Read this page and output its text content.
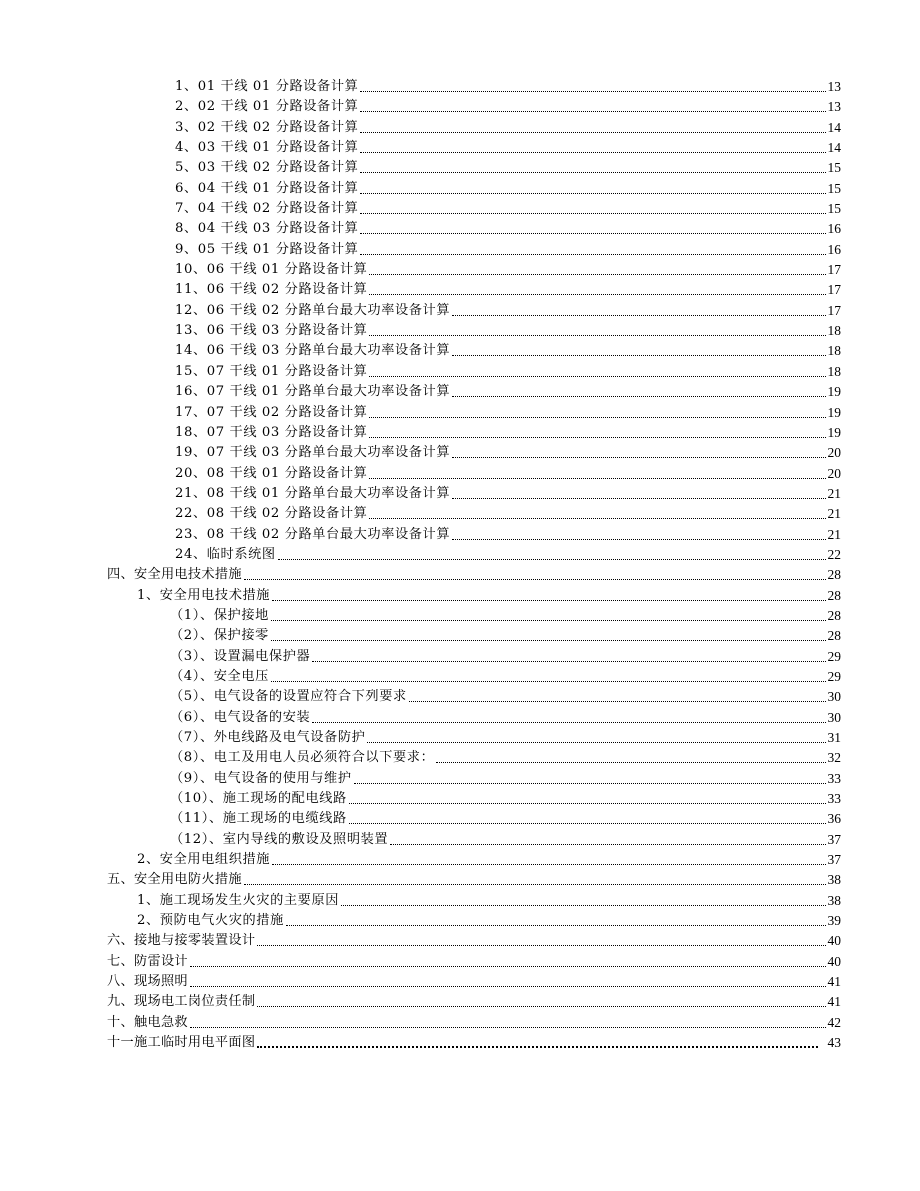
1、01 干线 01 分路设备计算	13
2、02 干线 01 分路设备计算	13
3、02 干线 02 分路设备计算	14
4、03 干线 01 分路设备计算	14
5、03 干线 02 分路设备计算	15
6、04 干线 01 分路设备计算	15
7、04 干线 02 分路设备计算	15
8、04 干线 03 分路设备计算	16
9、05 干线 01 分路设备计算	16
10、06 干线 01 分路设备计算	17
11、06 干线 02 分路设备计算	17
12、06 干线 02 分路单台最大功率设备计算	17
13、06 干线 03 分路设备计算	18
14、06 干线 03 分路单台最大功率设备计算	18
15、07 干线 01 分路设备计算	18
16、07 干线 01 分路单台最大功率设备计算	19
17、07 干线 02 分路设备计算	19
18、07 干线 03 分路设备计算	19
19、07 干线 03 分路单台最大功率设备计算	20
20、08 干线 01 分路设备计算	20
21、08 干线 01 分路单台最大功率设备计算	21
22、08 干线 02 分路设备计算	21
23、08 干线 02 分路单台最大功率设备计算	21
24、临时系统图	22
四、安全用电技术措施	28
1、安全用电技术措施	28
（1）、保护接地	28
（2）、保护接零	28
（3）、设置漏电保护器	29
（4）、安全电压	29
（5）、电气设备的设置应符合下列要求	30
（6）、电气设备的安装	30
（7）、外电线路及电气设备防护	31
（8）、电工及用电人员必须符合以下要求：	32
（9）、电气设备的使用与维护	33
（10）、施工现场的配电线路	33
（11）、施工现场的电缆线路	36
（12）、室内导线的敷设及照明装置	37
2、安全用电组织措施	37
五、安全用电防火措施	38
1、施工现场发生火灾的主要原因	38
2、预防电气火灾的措施	39
六、接地与接零装置设计	40
七、防雷设计	40
八、现场照明	41
九、现场电工岗位责任制	41
十、触电急救	42
十一施工临时用电平面图	43
